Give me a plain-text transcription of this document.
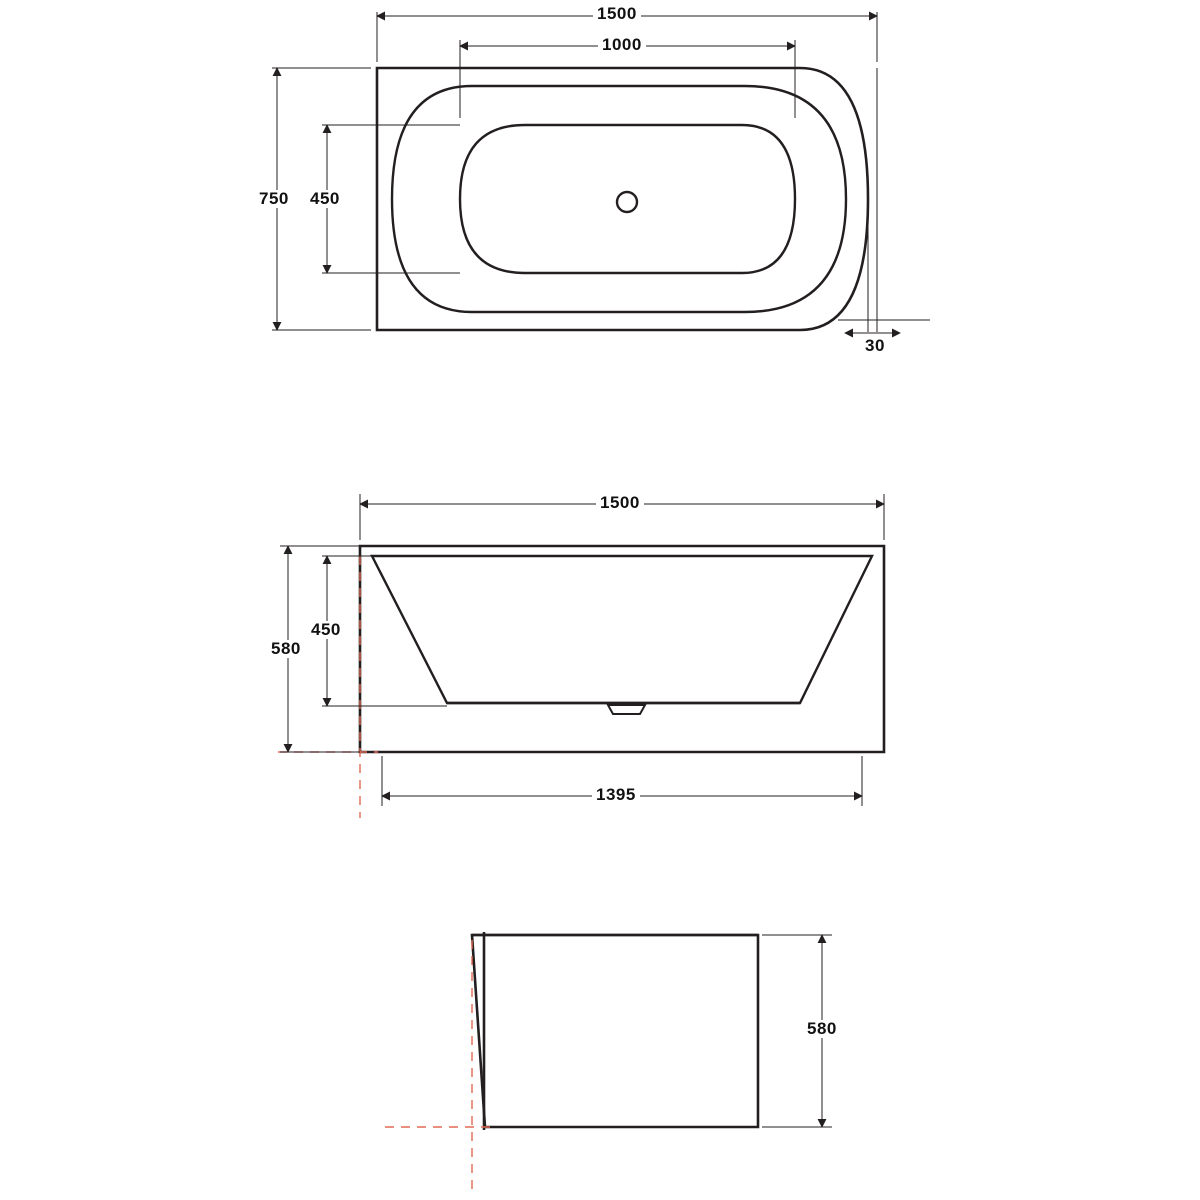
1500
1000
750 450
30
1500
450
580
1395
580
